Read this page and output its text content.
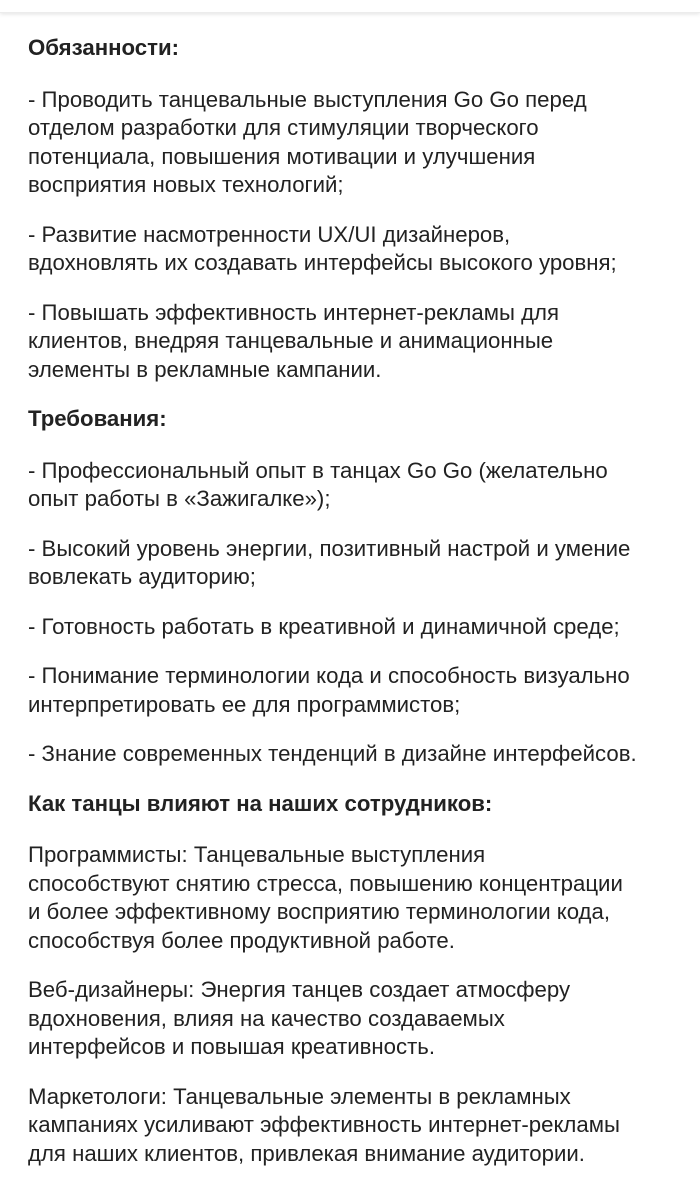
Обязанности:
- Проводить танцевальные выступления Go Go перед
отделом разработки для стимуляции творческого
потенциала, повышения мотивации и улучшения
восприятия новых технологий;
- Развитие насмотренности UX/UI дизайнеров,
вдохновлять их создавать интерфейсы высокого уровня;
- Повышать эффективность интернет-рекламы для
клиентов, внедряя танцевальные и анимационные
элементы в рекламные кампании.
Требования:
- Профессиональный опыт в танцах Go Go (желательно
опыт работы в «Зажигалке»);
- Высокий уровень энергии, позитивный настрой и умение
вовлекать аудиторию;
- Готовность работать в креативной и динамичной среде;
- Понимание терминологии кода и способность визуально
интерпретировать ее для программистов;
- Знание современных тенденций в дизайне интерфейсов.
Как танцы влияют на наших сотрудников:
Программисты: Танцевальные выступления
способствуют снятию стресса, повышению концентрации
и более эффективному восприятию терминологии кода,
способствуя более продуктивной работе.
Веб-дизайнеры: Энергия танцев создает атмосферу
вдохновения, влияя на качество создаваемых
интерфейсов и повышая креативность.
Маркетологи: Танцевальные элементы в рекламных
кампаниях усиливают эффективность интернет-рекламы
для наших клиентов, привлекая внимание аудитории.
